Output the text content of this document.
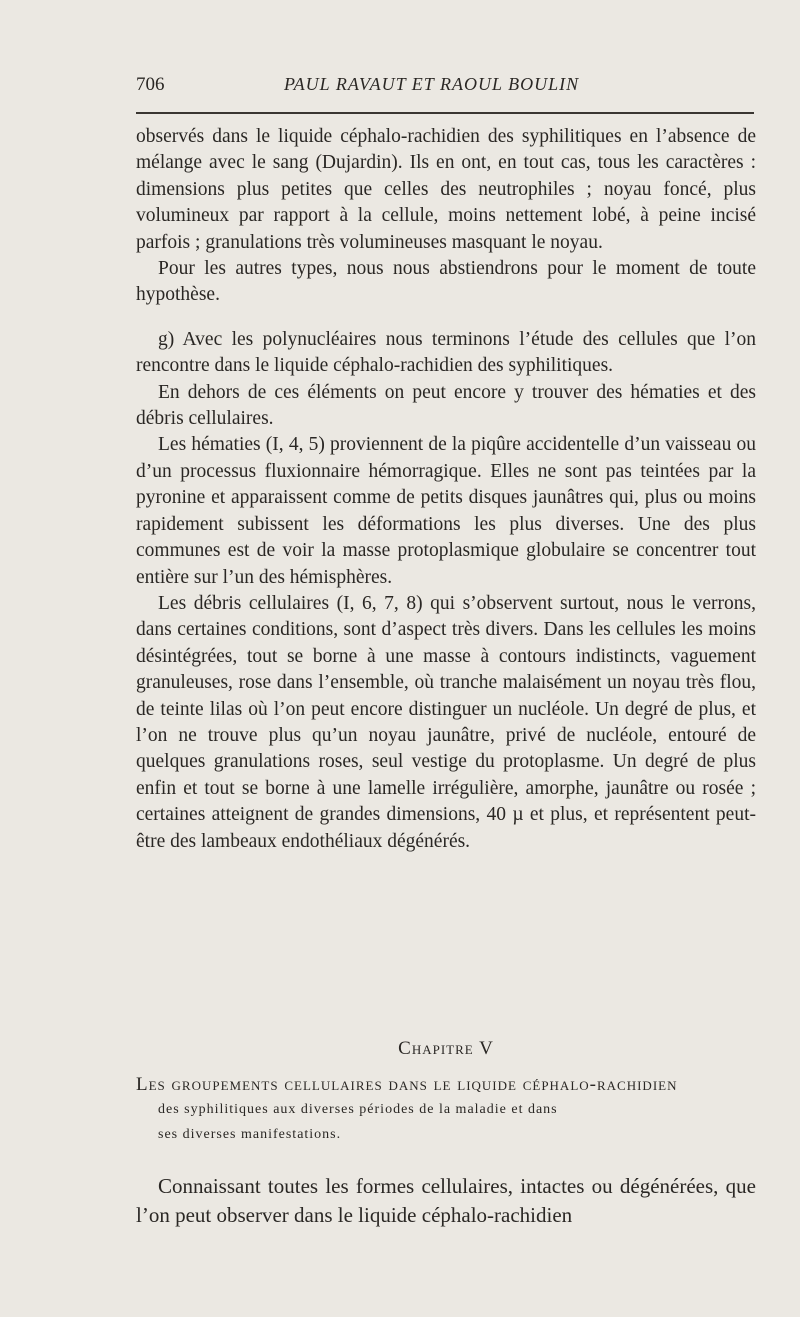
706	PAUL RAVAUT ET RAOUL BOULIN

observés dans le liquide céphalo-rachidien des syphilitiques en l’absence de mélange avec le sang (Dujardin). Ils en ont, en tout cas, tous les caractères : dimensions plus petites que celles des neutrophiles ; noyau foncé, plus volumineux par rapport à la cellule, moins nettement lobé, à peine incisé parfois ; granulations très volumineuses masquant le noyau.

Pour les autres types, nous nous abstiendrons pour le moment de toute hypothèse.

g) Avec les polynucléaires nous terminons l’étude des cellules que l’on rencontre dans le liquide céphalo-rachidien des syphilitiques.

En dehors de ces éléments on peut encore y trouver des hématies et des débris cellulaires.

Les hématies (I, 4, 5) proviennent de la piqûre accidentelle d’un vaisseau ou d’un processus fluxionnaire hémorragique. Elles ne sont pas teintées par la pyronine et apparaissent comme de petits disques jaunâtres qui, plus ou moins rapidement subissent les déformations les plus diverses. Une des plus communes est de voir la masse protoplasmique globulaire se concentrer tout entière sur l’un des hémisphères.

Les débris cellulaires (I, 6, 7, 8) qui s’observent surtout, nous le verrons, dans certaines conditions, sont d’aspect très divers. Dans les cellules les moins désintégrées, tout se borne à une masse à contours indistincts, vaguement granuleuses, rose dans l’ensemble, où tranche malaisément un noyau très flou, de teinte lilas où l’on peut encore distinguer un nucléole. Un degré de plus, et l’on ne trouve plus qu’un noyau jaunâtre, privé de nucléole, entouré de quelques granulations roses, seul vestige du protoplasme. Un degré de plus enfin et tout se borne à une lamelle irrégulière, amorphe, jaunâtre ou rosée ; certaines atteignent de grandes dimensions, 40 µ et plus, et représentent peut-être des lambeaux endothéliaux dégénérés.

Chapitre V
Les groupements cellulaires dans le liquide céphalo-rachidien
des syphilitiques aux diverses périodes de la maladie et dans
ses diverses manifestations.

Connaissant toutes les formes cellulaires, intactes ou dégénérées, que l’on peut observer dans le liquide céphalo-rachidien
